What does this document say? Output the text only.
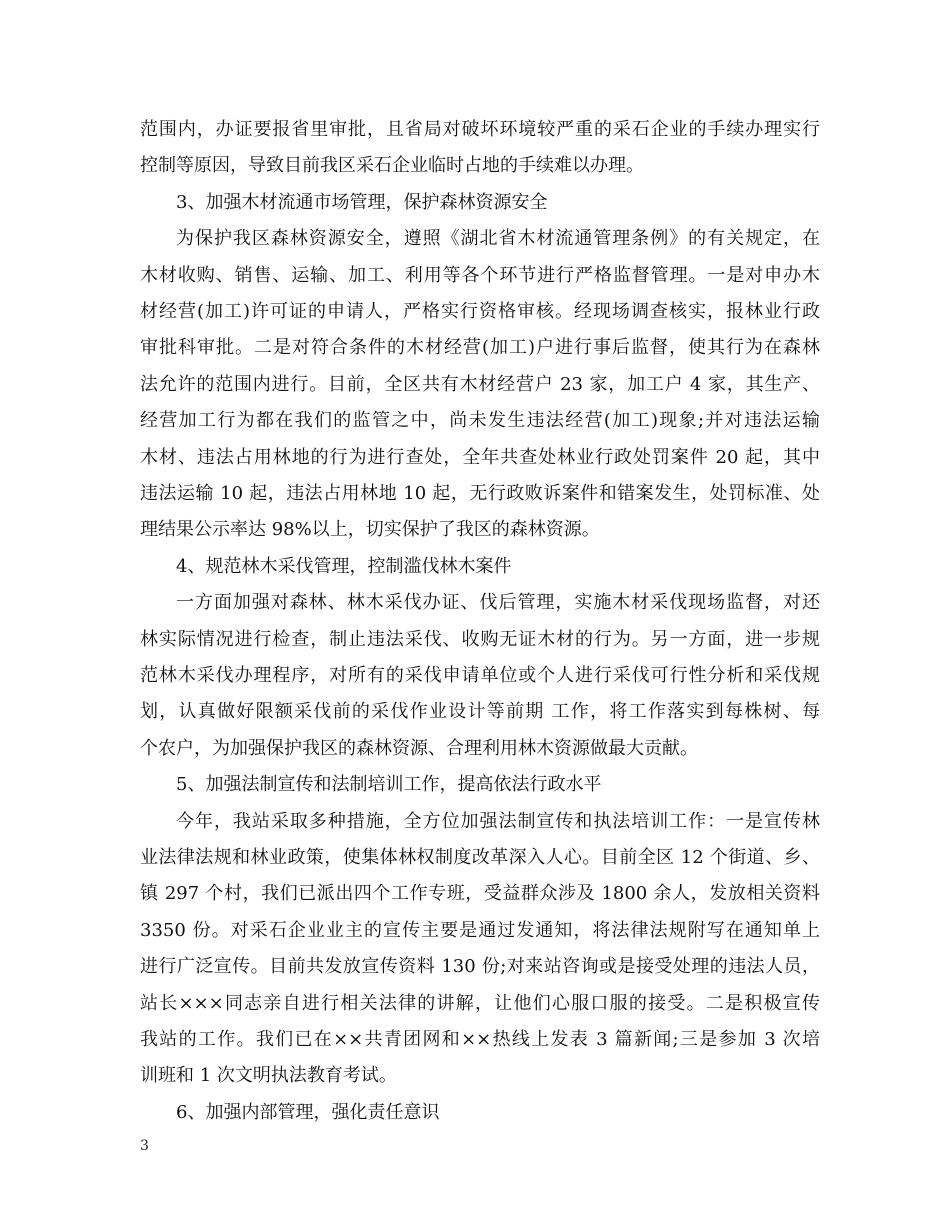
范围内，办证要报省里审批，且省局对破坏环境较严重的采石企业的手续办理实行
控制等原因，导致目前我区采石企业临时占地的手续难以办理。
3、加强木材流通市场管理，保护森林资源安全
为保护我区森林资源安全，遵照《湖北省木材流通管理条例》的有关规定，在
木材收购、销售、运输、加工、利用等各个环节进行严格监督管理。一是对申办木
材经营(加工)许可证的申请人，严格实行资格审核。经现场调查核实，报林业行政
审批科审批。二是对符合条件的木材经营(加工)户进行事后监督，使其行为在森林
法允许的范围内进行。目前，全区共有木材经营户 23 家，加工户 4 家，其生产、
经营加工行为都在我们的监管之中，尚未发生违法经营(加工)现象;并对违法运输
木材、违法占用林地的行为进行查处，全年共查处林业行政处罚案件 20 起，其中
违法运输 10 起，违法占用林地 10 起，无行政败诉案件和错案发生，处罚标准、处
理结果公示率达 98%以上，切实保护了我区的森林资源。
4、规范林木采伐管理，控制滥伐林木案件
一方面加强对森林、林木采伐办证、伐后管理，实施木材采伐现场监督，对还
林实际情况进行检查，制止违法采伐、收购无证木材的行为。另一方面，进一步规
范林木采伐办理程序，对所有的采伐申请单位或个人进行采伐可行性分析和采伐规
划，认真做好限额采伐前的采伐作业设计等前期 工作，将工作落实到每株树、每
个农户，为加强保护我区的森林资源、合理利用林木资源做最大贡献。
5、加强法制宣传和法制培训工作，提高依法行政水平
今年，我站采取多种措施，全方位加强法制宣传和执法培训工作：一是宣传林
业法律法规和林业政策，使集体林权制度改革深入人心。目前全区 12 个街道、乡、
镇 297 个村，我们已派出四个工作专班，受益群众涉及 1800 余人，发放相关资料
3350 份。对采石企业业主的宣传主要是通过发通知，将法律法规附写在通知单上
进行广泛宣传。目前共发放宣传资料 130 份;对来站咨询或是接受处理的违法人员，
站长×××同志亲自进行相关法律的讲解，让他们心服口服的接受。二是积极宣传
我站的工作。我们已在××共青团网和××热线上发表 3 篇新闻;三是参加 3 次培
训班和 1 次文明执法教育考试。
6、加强内部管理，强化责任意识
3
